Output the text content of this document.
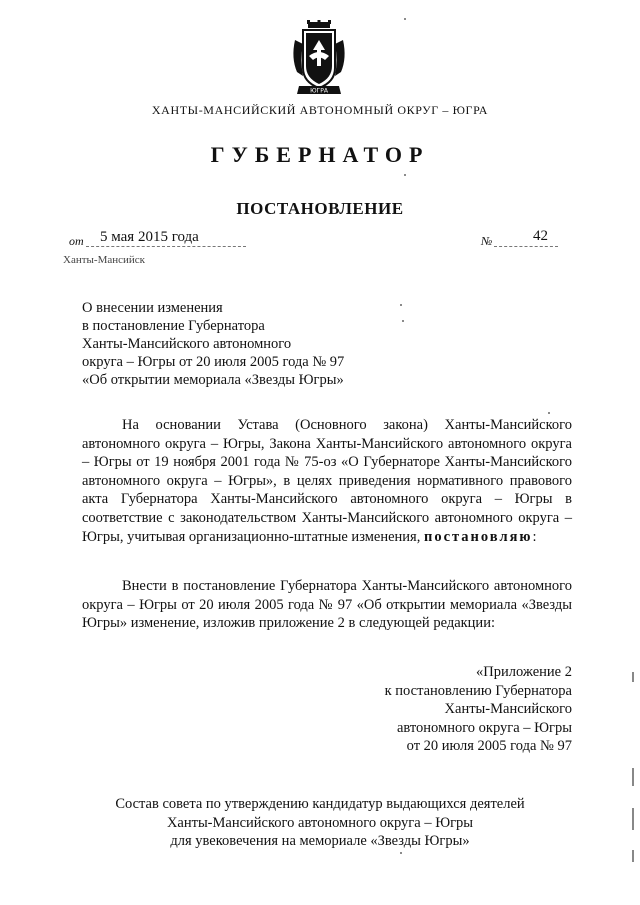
ЮГРА
ХАНТЫ-МАНСИЙСКИЙ АВТОНОМНЫЙ ОКРУГ – ЮГРА
ГУБЕРНАТОР
ПОСТАНОВЛЕНИЕ
от 5 мая 2015 года	№	42
Ханты-Мансийск
О внесении изменения
в постановление Губернатора
Ханты-Мансийского автономного
округа – Югры от 20 июля 2005 года № 97
«Об открытии мемориала «Звезды Югры»
На основании Устава (Основного закона) Ханты-Мансийского автономного округа – Югры, Закона Ханты-Мансийского автономного округа – Югры от 19 ноября 2001 года № 75-оз «О Губернаторе Ханты-Мансийского автономного округа – Югры», в целях приведения нормативного правового акта Губернатора Ханты-Мансийского автономного округа – Югры в соответствие с законодательством Ханты-Мансийского автономного округа – Югры, учитывая организационно-штатные изменения, постановляю:
Внести в постановление Губернатора Ханты-Мансийского автономного округа – Югры от 20 июля 2005 года № 97 «Об открытии мемориала «Звезды Югры» изменение, изложив приложение 2 в следующей редакции:
«Приложение 2
к постановлению Губернатора
Ханты-Мансийского
автономного округа – Югры
от 20 июля 2005 года № 97
Состав совета по утверждению кандидатур выдающихся деятелей
Ханты-Мансийского автономного округа – Югры
для увековечения на мемориале «Звезды Югры»
